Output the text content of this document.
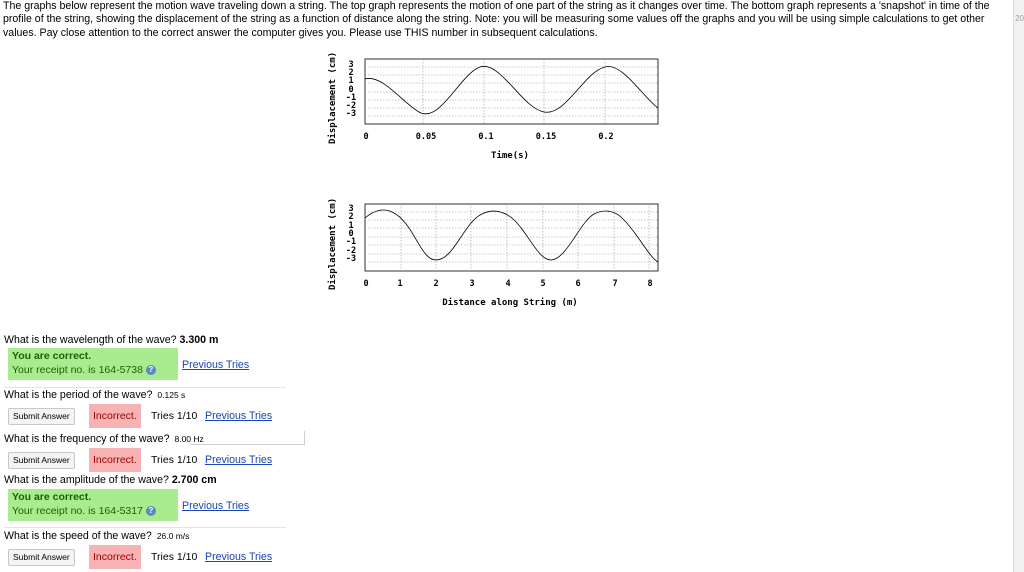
The graphs below represent the motion wave traveling down a string. The top graph represents the motion of one part of the string as it changes over time. The bottom graph represents a 'snapshot' in time of the profile of the string, showing the displacement of the string as a function of distance along the string. Note: you will be measuring some values off the graphs and you will be using simple calculations to get other values. Pay close attention to the correct answer the computer gives you. Please use THIS number in subsequent calculations.
20
Displacement (cm) 3
2
1
0
-1
-2
-3
0	0.05	0.1	0.15	0.2
Time(s)
Displacement (cm) 3
2
1
0
-1
-2
-3
0	1	2	3	4	5	6	7	8
Distance along String (m)
What is the wavelength of the wave? 3.300 m
You are correct.
Your receipt no. is 164-5738 ?	Previous Tries
What is the period of the wave? 0.125 s
Submit Answer	Incorrect.	Tries 1/10 Previous Tries
What is the frequency of the wave? 8.00 Hz
Submit Answer	Incorrect.	Tries 1/10 Previous Tries
What is the amplitude of the wave? 2.700 cm
You are correct.
Your receipt no. is 164-5317 ?	Previous Tries
What is the speed of the wave? 26.0 m/s
Submit Answer	Incorrect.	Tries 1/10 Previous Tries
